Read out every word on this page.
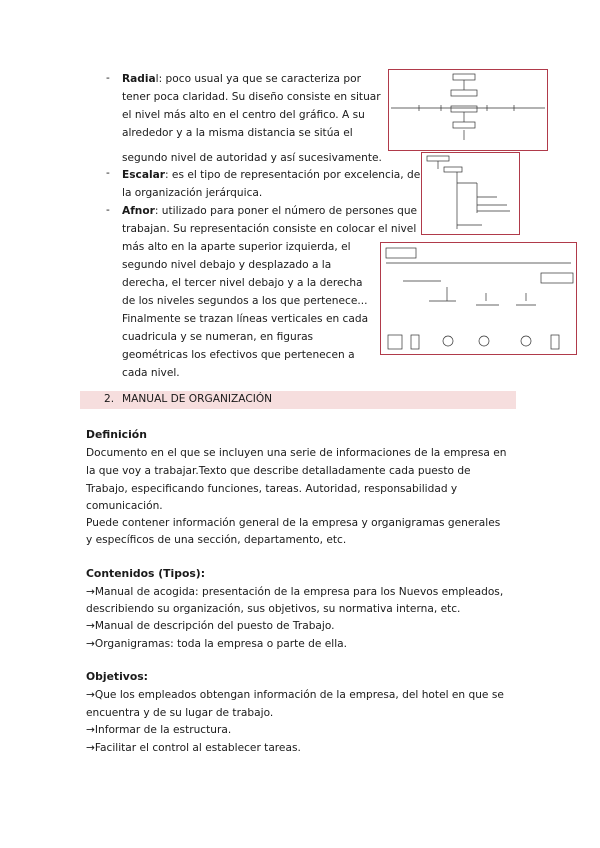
- Radial: poco usual ya que se caracteriza por
tener poca claridad. Su diseño consiste en situar
el nivel más alto en el centro del gráfico. A su
alrededor y a la misma distancia se sitúa el
segundo nivel de autoridad y así sucesivamente.
- Escalar: es el tipo de representación por excelencia, de
la organización jerárquica.
- Afnor: utilizado para poner el número de persones que
trabajan. Su representación consiste en colocar el nivel
más alto en la aparte superior izquierda, el
segundo nivel debajo y desplazado a la
derecha, el tercer nivel debajo y a la derecha
de los niveles segundos a los que pertenece...
Finalmente se trazan líneas verticales en cada
cuadricula y se numeran, en figuras
geométricas los efectivos que pertenecen a
cada nivel.
2. MANUAL DE ORGANIZACIÓN
Definición
Documento en el que se incluyen una serie de informaciones de la empresa en
la que voy a trabajar.Texto que describe detalladamente cada puesto de
Trabajo, especificando funciones, tareas. Autoridad, responsabilidad y
comunicación.
Puede contener información general de la empresa y organigramas generales
y específicos de una sección, departamento, etc.
Contenidos (Tipos):
→Manual de acogida: presentación de la empresa para los Nuevos empleados,
describiendo su organización, sus objetivos, su normativa interna, etc.
→Manual de descripción del puesto de Trabajo.
→Organigramas: toda la empresa o parte de ella.
Objetivos:
→Que los empleados obtengan información de la empresa, del hotel en que se
encuentra y de su lugar de trabajo.
→Informar de la estructura.
→Facilitar el control al establecer tareas.
